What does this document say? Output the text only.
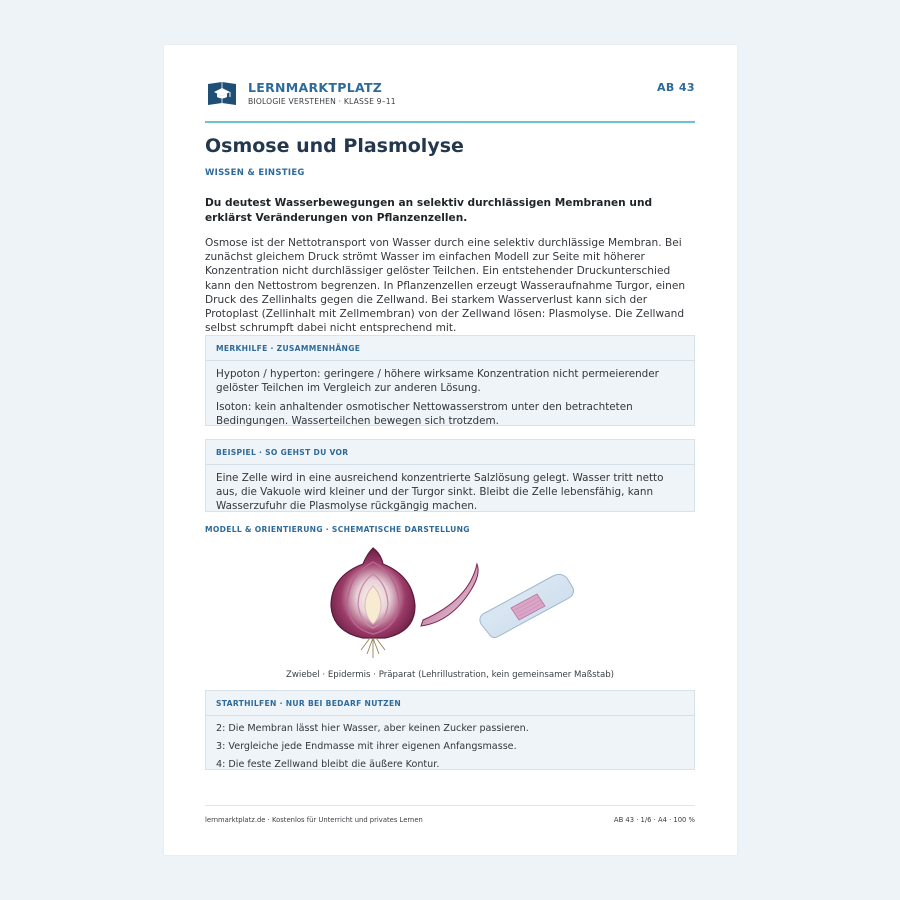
LERNMARKTPLATZ
BIOLOGIE VERSTEHEN · KLASSE 9–11
AB 43
Osmose und Plasmolyse
WISSEN & EINSTIEG

Du deutest Wasserbewegungen an selektiv durchlässigen Membranen und erklärst Veränderungen von Pflanzenzellen.

Osmose ist der Nettotransport von Wasser durch eine selektiv durchlässige Membran. Bei zunächst gleichem Druck strömt Wasser im einfachen Modell zur Seite mit höherer Konzentration nicht durchlässiger gelöster Teilchen. Ein entstehender Druckunterschied kann den Nettostrom begrenzen. In Pflanzenzellen erzeugt Wasseraufnahme Turgor, einen Druck des Zellinhalts gegen die Zellwand. Bei starkem Wasserverlust kann sich der Protoplast (Zellinhalt mit Zellmembran) von der Zellwand lösen: Plasmolyse. Die Zellwand selbst schrumpft dabei nicht entsprechend mit.

MERKHILFE · ZUSAMMENHÄNGE

Hypoton / hyperton: geringere / höhere wirksame Konzentration nicht permeierender gelöster Teilchen im Vergleich zur anderen Lösung.

Isoton: kein anhaltender osmotischer Nettowasserstrom unter den betrachteten Bedingungen. Wasserteilchen bewegen sich trotzdem.

BEISPIEL · SO GEHST DU VOR

Eine Zelle wird in eine ausreichend konzentrierte Salzlösung gelegt. Wasser tritt netto aus, die Vakuole wird kleiner und der Turgor sinkt. Bleibt die Zelle lebensfähig, kann Wasserzufuhr die Plasmolyse rückgängig machen.

MODELL & ORIENTIERUNG · SCHEMATISCHE DARSTELLUNG
Zwiebel · Epidermis · Präparat (Lehrillustration, kein gemeinsamer Maßstab)
STARTHILFEN · NUR BEI BEDARF NUTZEN

2: Die Membran lässt hier Wasser, aber keinen Zucker passieren.

3: Vergleiche jede Endmasse mit ihrer eigenen Anfangsmasse.

4: Die feste Zellwand bleibt die äußere Kontur.

lernmarktplatz.de · Kostenlos für Unterricht und privates Lernen	AB 43 · 1/6 · A4 · 100 %
